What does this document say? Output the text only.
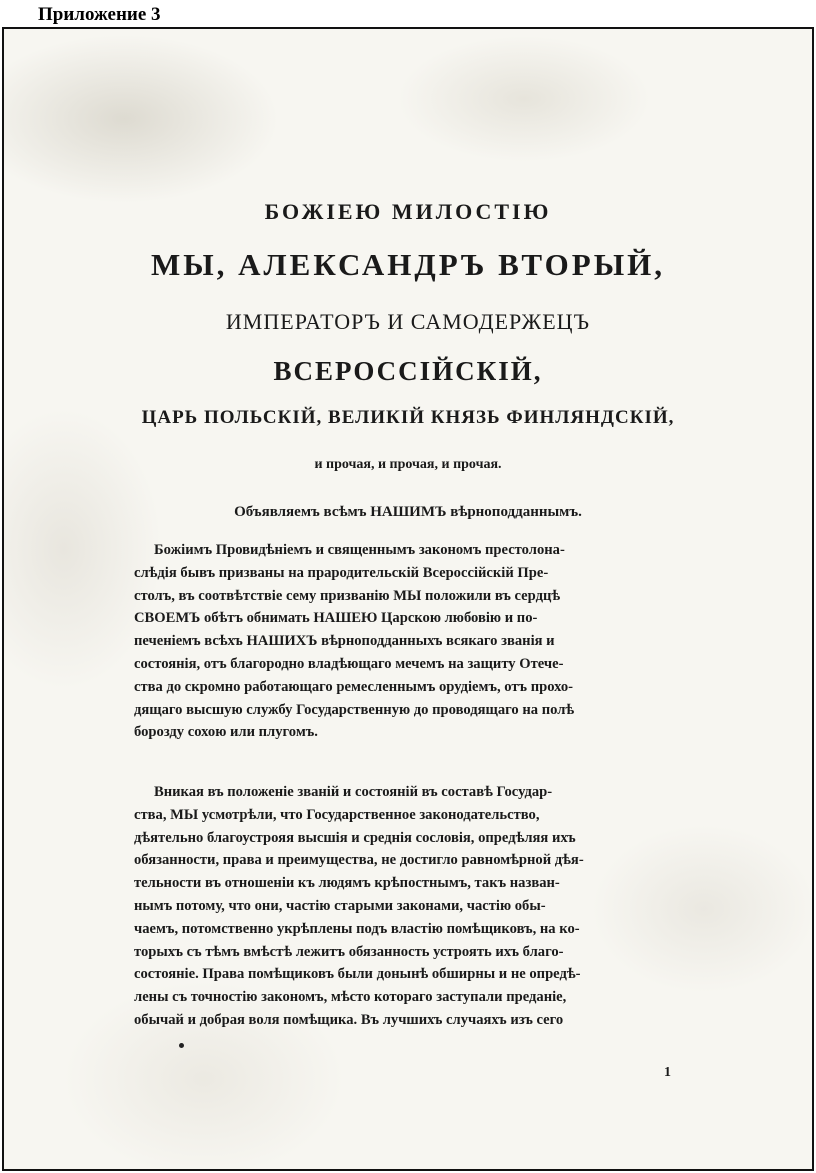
Приложение 3

БОЖІЕЮ МИЛОСТІЮ

МЫ, АЛЕКСАНДРЪ ВТОРЫЙ,

ИМПЕРАТОРЪ И САМОДЕРЖЕЦЪ

ВСЕРОССІЙСКІЙ,

ЦАРЬ ПОЛЬСКІЙ, ВЕЛИКІЙ КНЯЗЬ ФИНЛЯНДСКІЙ,

и прочая, и прочая, и прочая.

Объявляемъ всѣмъ НАШИМЪ вѣрноподданнымъ.

Божіимъ Провидѣніемъ и священнымъ закономъ престолона-
слѣдія бывъ призваны на прародительскій Всероссійскій Пре-
столъ, въ соотвѣтствіе сему призванію МЫ положили въ сердцѣ
СВОЕМЪ обѣтъ обнимать НАШЕЮ Царскою любовію и по-
печеніемъ всѣхъ НАШИХЪ вѣрноподданныхъ всякаго званія и
состоянія, отъ благородно владѣющаго мечемъ на защиту Отече-
ства до скромно работающаго ремесленнымъ орудіемъ, отъ прохо-
дящаго высшую службу Государственную до проводящаго на полѣ
борозду сохою или плугомъ.

Вникая въ положеніе званій и состояній въ составѣ Государ-
ства, МЫ усмотрѣли, что Государственное законодательство,
дѣятельно благоустрояя высшія и среднія сословія, опредѣляя ихъ
обязанности, права и преимущества, не достигло равномѣрной дѣя-
тельности въ отношеніи къ людямъ крѣпостнымъ, такъ назван-
нымъ потому, что они, частію старыми законами, частію обы-
чаемъ, потомственно укрѣплены подъ властію помѣщиковъ, на ко-
торыхъ съ тѣмъ вмѣстѣ лежитъ обязанность устроять ихъ благо-
состояніе. Права помѣщиковъ были донынѣ обширны и не опредѣ-
лены съ точностію закономъ, мѣсто котораго заступали преданіе,
обычай и добрая воля помѣщика. Въ лучшихъ случаяхъ изъ сего

1
